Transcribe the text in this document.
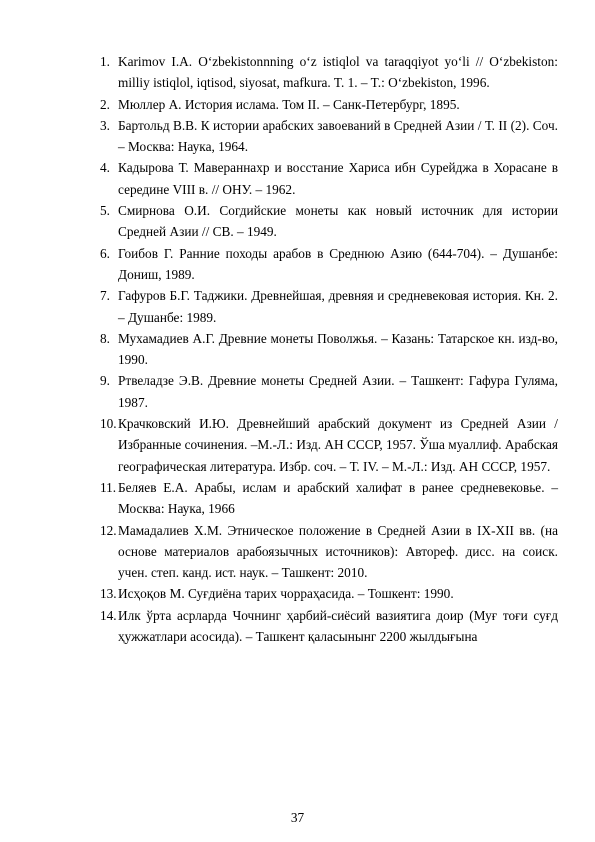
1. Karimov I.A. O‘zbekistonnning o‘z istiqlol va taraqqiyot yo‘li // O‘zbekiston: milliy istiqlol, iqtisod, siyosat, mafkura. T. 1. – T.: O‘zbekiston, 1996.
2. Мюллер А. История ислама. Том II. – Санк-Петербург, 1895.
3. Бартольд В.В. К истории арабских завоеваний в Средней Азии / Т. II (2). Соч. – Москва: Наука, 1964.
4. Кадырова Т. Мавераннахр и восстание Хариса ибн Сурейджа в Хорасане в середине VIII в. // ОНУ. – 1962.
5. Смирнова О.И. Согдийские монеты как новый источник для истории Средней Азии // СВ. – 1949.
6. Гоибов Г. Ранние походы арабов в Среднюю Азию (644-704). – Душанбе: Дониш, 1989.
7. Гафуров Б.Г. Таджики. Древнейшая, древняя и средневековая история. Кн. 2. – Душанбе: 1989.
8. Мухамадиев А.Г. Древние монеты Поволжья. – Казань: Татарское кн. изд-во, 1990.
9. Ртвеладзе Э.В. Древние монеты Средней Азии. – Ташкент: Гафура Гуляма, 1987.
10. Крачковский И.Ю. Древнейший арабский документ из Средней Азии / Избранные сочинения. –М.-Л.: Изд. АН СССР, 1957. Ўша муаллиф. Арабская географическая литература. Избр. соч. – Т. IV. – М.-Л.: Изд. АН СССР, 1957.
11. Беляев Е.А. Арабы, ислам и арабский халифат в ранее средневековье. – Москва: Наука, 1966
12. Мамадалиев Х.М. Этническое положение в Средней Азии в IX-XII вв. (на основе материалов арабоязычных источников): Автореф. дисс. на соиск. учен. степ. канд. ист. наук. – Ташкент: 2010.
13. Исҳоқов М. Суғдиёна тарих чорраҳасида. – Тошкент: 1990.
14. Илк ўрта асрларда Чочнинг ҳарбий-сиёсий вазиятига доир (Муғ тоғи суғд ҳужжатлари асосида). – Ташкент қаласынынг 2200 жылдығына
37
